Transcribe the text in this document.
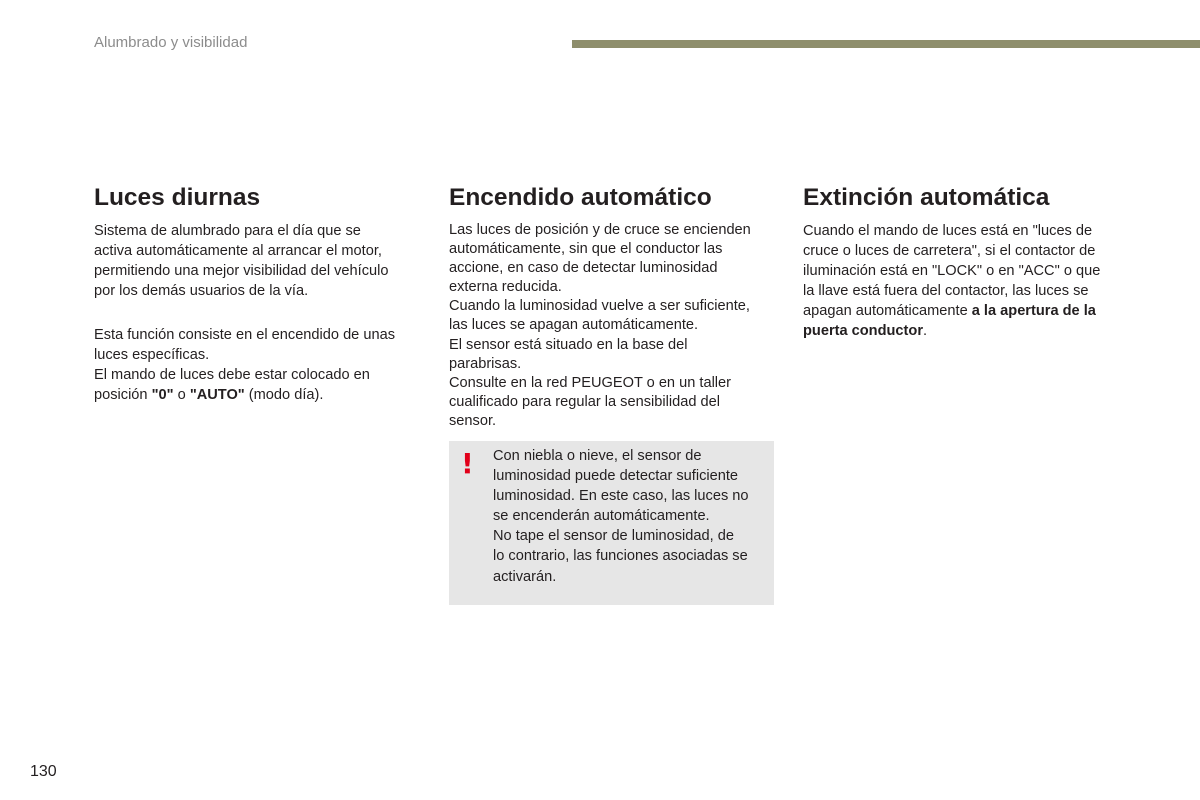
Alumbrado y visibilidad
Luces diurnas

Sistema de alumbrado para el día que se

activa automáticamente al arrancar el motor,

permitiendo una mejor visibilidad del vehículo

por los demás usuarios de la vía.

Esta función consiste en el encendido de unas

luces específicas.

El mando de luces debe estar colocado en

posición "0" o "AUTO" (modo día).

Encendido automático

Las luces de posición y de cruce se encienden

automáticamente, sin que el conductor las

accione, en caso de detectar luminosidad

externa reducida.

Cuando la luminosidad vuelve a ser suficiente,

las luces se apagan automáticamente.

El sensor está situado en la base del

parabrisas.

Consulte en la red PEUGEOT o en un taller

cualificado para regular la sensibilidad del

sensor.

Extinción automática

Cuando el mando de luces está en "luces de

cruce o luces de carretera", si el contactor de

iluminación está en "LOCK" o en "ACC" o que

la llave está fuera del contactor, las luces se

apagan automáticamente a la apertura de la

puerta conductor.

! Con niebla o nieve, el sensor de

luminosidad puede detectar suficiente

luminosidad. En este caso, las luces no

se encenderán automáticamente.

No tape el sensor de luminosidad, de

lo contrario, las funciones asociadas se

activarán.

130
